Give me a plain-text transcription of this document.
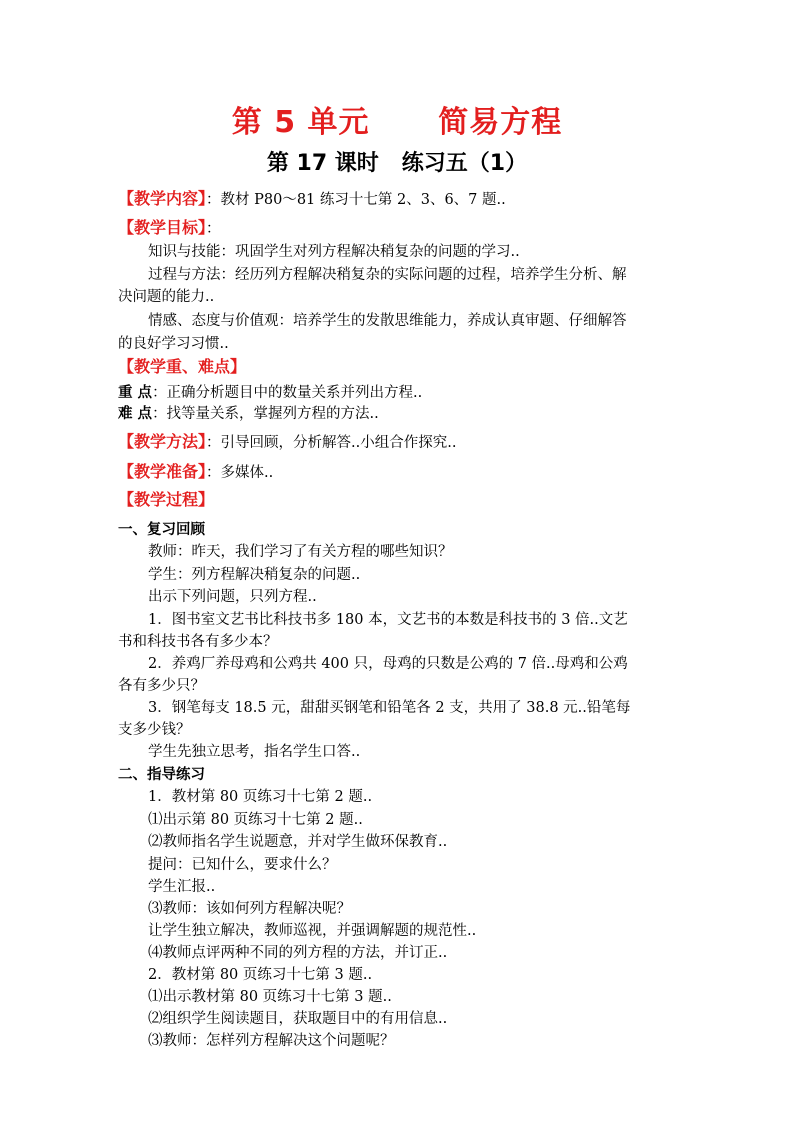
第 5 单元      简易方程
第 17 课时   练习五（1）
【教学内容】：教材 P80～81 练习十七第 2、3、6、7 题..
【教学目标】：
知识与技能：巩固学生对列方程解决稍复杂的问题的学习..
过程与方法：经历列方程解决稍复杂的实际问题的过程，培养学生分析、解
决问题的能力..
情感、态度与价值观：培养学生的发散思维能力，养成认真审题、仔细解答
的良好学习习惯..
【教学重、难点】
重 点：正确分析题目中的数量关系并列出方程..
难 点：找等量关系，掌握列方程的方法..
【教学方法】：引导回顾，分析解答..小组合作探究..
【教学准备】：多媒体..
【教学过程】
一、复习回顾
教师：昨天，我们学习了有关方程的哪些知识？
学生：列方程解决稍复杂的问题..
出示下列问题，只列方程..
1．图书室文艺书比科技书多 180 本，文艺书的本数是科技书的 3 倍..文艺
书和科技书各有多少本？
2．养鸡厂养母鸡和公鸡共 400 只，母鸡的只数是公鸡的 7 倍..母鸡和公鸡
各有多少只？
3．钢笔每支 18.5 元，甜甜买钢笔和铅笔各 2 支，共用了 38.8 元..铅笔每
支多少钱？
学生先独立思考，指名学生口答..
二、指导练习
1．教材第 80 页练习十七第 2 题..
⑴出示第 80 页练习十七第 2 题..
⑵教师指名学生说题意，并对学生做环保教育..
提问：已知什么，要求什么？
学生汇报..
⑶教师：该如何列方程解决呢？
让学生独立解决，教师巡视，并强调解题的规范性..
⑷教师点评两种不同的列方程的方法，并订正..
2．教材第 80 页练习十七第 3 题..
⑴出示教材第 80 页练习十七第 3 题..
⑵组织学生阅读题目，获取题目中的有用信息..
⑶教师：怎样列方程解决这个问题呢？
